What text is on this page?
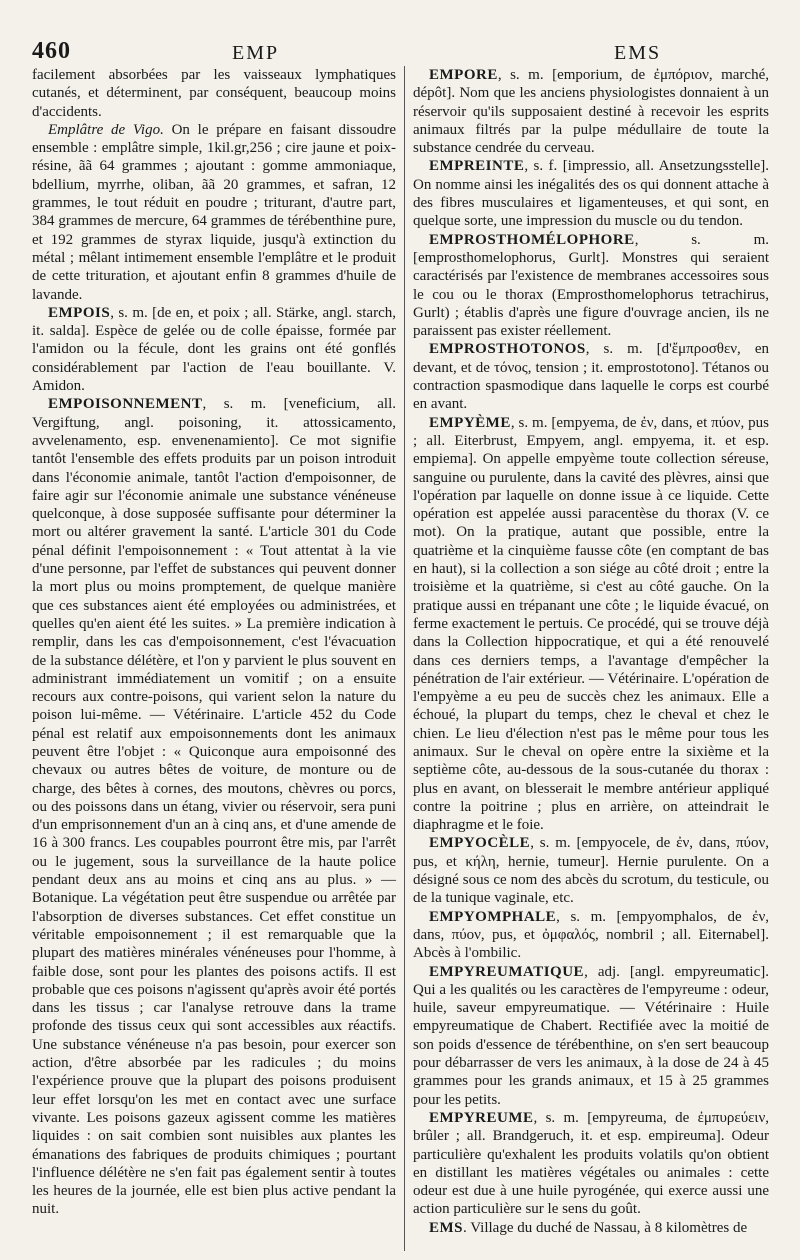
460	EMP	EMS

facilement absorbées par les vaisseaux lymphatiques cutanés, et déterminent, par conséquent, beaucoup moins d'accidents.

Emplâtre de Vigo. On le prépare en faisant dissoudre ensemble : emplâtre simple, 1kil.gr,256 ; cire jaune et poix-résine, ãã 64 grammes ; ajoutant : gomme ammoniaque, bdellium, myrrhe, oliban, ãã 20 grammes, et safran, 12 grammes, le tout réduit en poudre ; triturant, d'autre part, 384 grammes de mercure, 64 grammes de térébenthine pure, et 192 grammes de styrax liquide, jusqu'à extinction du métal ; mêlant intimement ensemble l'emplâtre et le produit de cette trituration, et ajoutant enfin 8 grammes d'huile de lavande.

EMPOIS, s. m. [de en, et poix ; all. Stärke, angl. starch, it. salda]. Espèce de gelée ou de colle épaisse, formée par l'amidon ou la fécule, dont les grains ont été gonflés considérablement par l'action de l'eau bouillante. V. Amidon.

EMPOISONNEMENT, s. m. [veneficium, all. Vergiftung, angl. poisoning, it. attossicamento, avvelenamento, esp. envenenamiento]. Ce mot signifie tantôt l'ensemble des effets produits par un poison introduit dans l'économie animale, tantôt l'action d'empoisonner, de faire agir sur l'économie animale une substance vénéneuse quelconque, à dose supposée suffisante pour déterminer la mort ou altérer gravement la santé. L'article 301 du Code pénal définit l'empoisonnement : « Tout attentat à la vie d'une personne, par l'effet de substances qui peuvent donner la mort plus ou moins promptement, de quelque manière que ces substances aient été employées ou administrées, et quelles qu'en aient été les suites. » La première indication à remplir, dans les cas d'empoisonnement, c'est l'évacuation de la substance délétère, et l'on y parvient le plus souvent en administrant immédiatement un vomitif ; on a ensuite recours aux contre-poisons, qui varient selon la nature du poison lui-même. — Vétérinaire. L'article 452 du Code pénal est relatif aux empoisonnements dont les animaux peuvent être l'objet : « Quiconque aura empoisonné des chevaux ou autres bêtes de voiture, de monture ou de charge, des bêtes à cornes, des moutons, chèvres ou porcs, ou des poissons dans un étang, vivier ou réservoir, sera puni d'un emprisonnement d'un an à cinq ans, et d'une amende de 16 à 300 francs. Les coupables pourront être mis, par l'arrêt ou le jugement, sous la surveillance de la haute police pendant deux ans au moins et cinq ans au plus. » — Botanique. La végétation peut être suspendue ou arrêtée par l'absorption de diverses substances. Cet effet constitue un véritable empoisonnement ; il est remarquable que la plupart des matières minérales vénéneuses pour l'homme, à faible dose, sont pour les plantes des poisons actifs. Il est probable que ces poisons n'agissent qu'après avoir été portés dans les tissus ; car l'analyse retrouve dans la trame profonde des tissus ceux qui sont accessibles aux réactifs. Une substance vénéneuse n'a pas besoin, pour exercer son action, d'être absorbée par les radicules ; du moins l'expérience prouve que la plupart des poisons produisent leur effet lorsqu'on les met en contact avec une surface vivante. Les poisons gazeux agissent comme les matières liquides : on sait combien sont nuisibles aux plantes les émanations des fabriques de produits chimiques ; pourtant l'influence délétère ne s'en fait pas également sentir à toutes les heures de la journée, elle est bien plus active pendant la nuit.

EMPORE, s. m. [emporium, de ἐμπόριον, marché, dépôt]. Nom que les anciens physiologistes donnaient à un réservoir qu'ils supposaient destiné à recevoir les esprits animaux filtrés par la pulpe médullaire de toute la substance cendrée du cerveau.

EMPREINTE, s. f. [impressio, all. Ansetzungsstelle]. On nomme ainsi les inégalités des os qui donnent attache à des fibres musculaires et ligamenteuses, et qui sont, en quelque sorte, une impression du muscle ou du tendon.

EMPROSTHOMÉLOPHORE, s. m. [emprosthomelophorus, Gurlt]. Monstres qui seraient caractérisés par l'existence de membranes accessoires sous le cou ou le thorax (Emprosthomelophorus tetrachirus, Gurlt) ; établis d'après une figure d'ouvrage ancien, ils ne paraissent pas exister réellement.

EMPROSTHOTONOS, s. m. [d'ἔμπροσθεν, en devant, et de τόνος, tension ; it. emprostotono]. Tétanos ou contraction spasmodique dans laquelle le corps est courbé en avant.

EMPYÈME, s. m. [empyema, de ἐν, dans, et πύον, pus ; all. Eiterbrust, Empyem, angl. empyema, it. et esp. empiema]. On appelle empyème toute collection séreuse, sanguine ou purulente, dans la cavité des plèvres, ainsi que l'opération par laquelle on donne issue à ce liquide. Cette opération est appelée aussi paracentèse du thorax (V. ce mot). On la pratique, autant que possible, entre la quatrième et la cinquième fausse côte (en comptant de bas en haut), si la collection a son siége au côté droit ; entre la troisième et la quatrième, si c'est au côté gauche. On la pratique aussi en trépanant une côte ; le liquide évacué, on ferme exactement le pertuis. Ce procédé, qui se trouve déjà dans la Collection hippocratique, et qui a été renouvelé dans ces derniers temps, a l'avantage d'empêcher la pénétration de l'air extérieur. — Vétérinaire. L'opération de l'empyème a eu peu de succès chez les animaux. Elle a échoué, la plupart du temps, chez le cheval et chez le chien. Le lieu d'élection n'est pas le même pour tous les animaux. Sur le cheval on opère entre la sixième et la septième côte, au-dessous de la sous-cutanée du thorax : plus en avant, on blesserait le membre antérieur appliqué contre la poitrine ; plus en arrière, on atteindrait le diaphragme et le foie.

EMPYOCÈLE, s. m. [empyocele, de ἐν, dans, πύον, pus, et κήλη, hernie, tumeur]. Hernie purulente. On a désigné sous ce nom des abcès du scrotum, du testicule, ou de la tunique vaginale, etc.

EMPYOMPHALE, s. m. [empyomphalos, de ἐν, dans, πύον, pus, et ὀμφαλός, nombril ; all. Eiternabel]. Abcès à l'ombilic.

EMPYREUMATIQUE, adj. [angl. empyreumatic]. Qui a les qualités ou les caractères de l'empyreume : odeur, huile, saveur empyreumatique. — Vétérinaire : Huile empyreumatique de Chabert. Rectifiée avec la moitié de son poids d'essence de térébenthine, on s'en sert beaucoup pour débarrasser de vers les animaux, à la dose de 24 à 45 grammes pour les grands animaux, et 15 à 25 grammes pour les petits.

EMPYREUME, s. m. [empyreuma, de ἐμπυρεύειν, brûler ; all. Brandgeruch, it. et esp. empireuma]. Odeur particulière qu'exhalent les produits volatils qu'on obtient en distillant les matières végétales ou animales : cette odeur est due à une huile pyrogénée, qui exerce aussi une action particulière sur le sens du goût.

EMS. Village du duché de Nassau, à 8 kilomètres de
